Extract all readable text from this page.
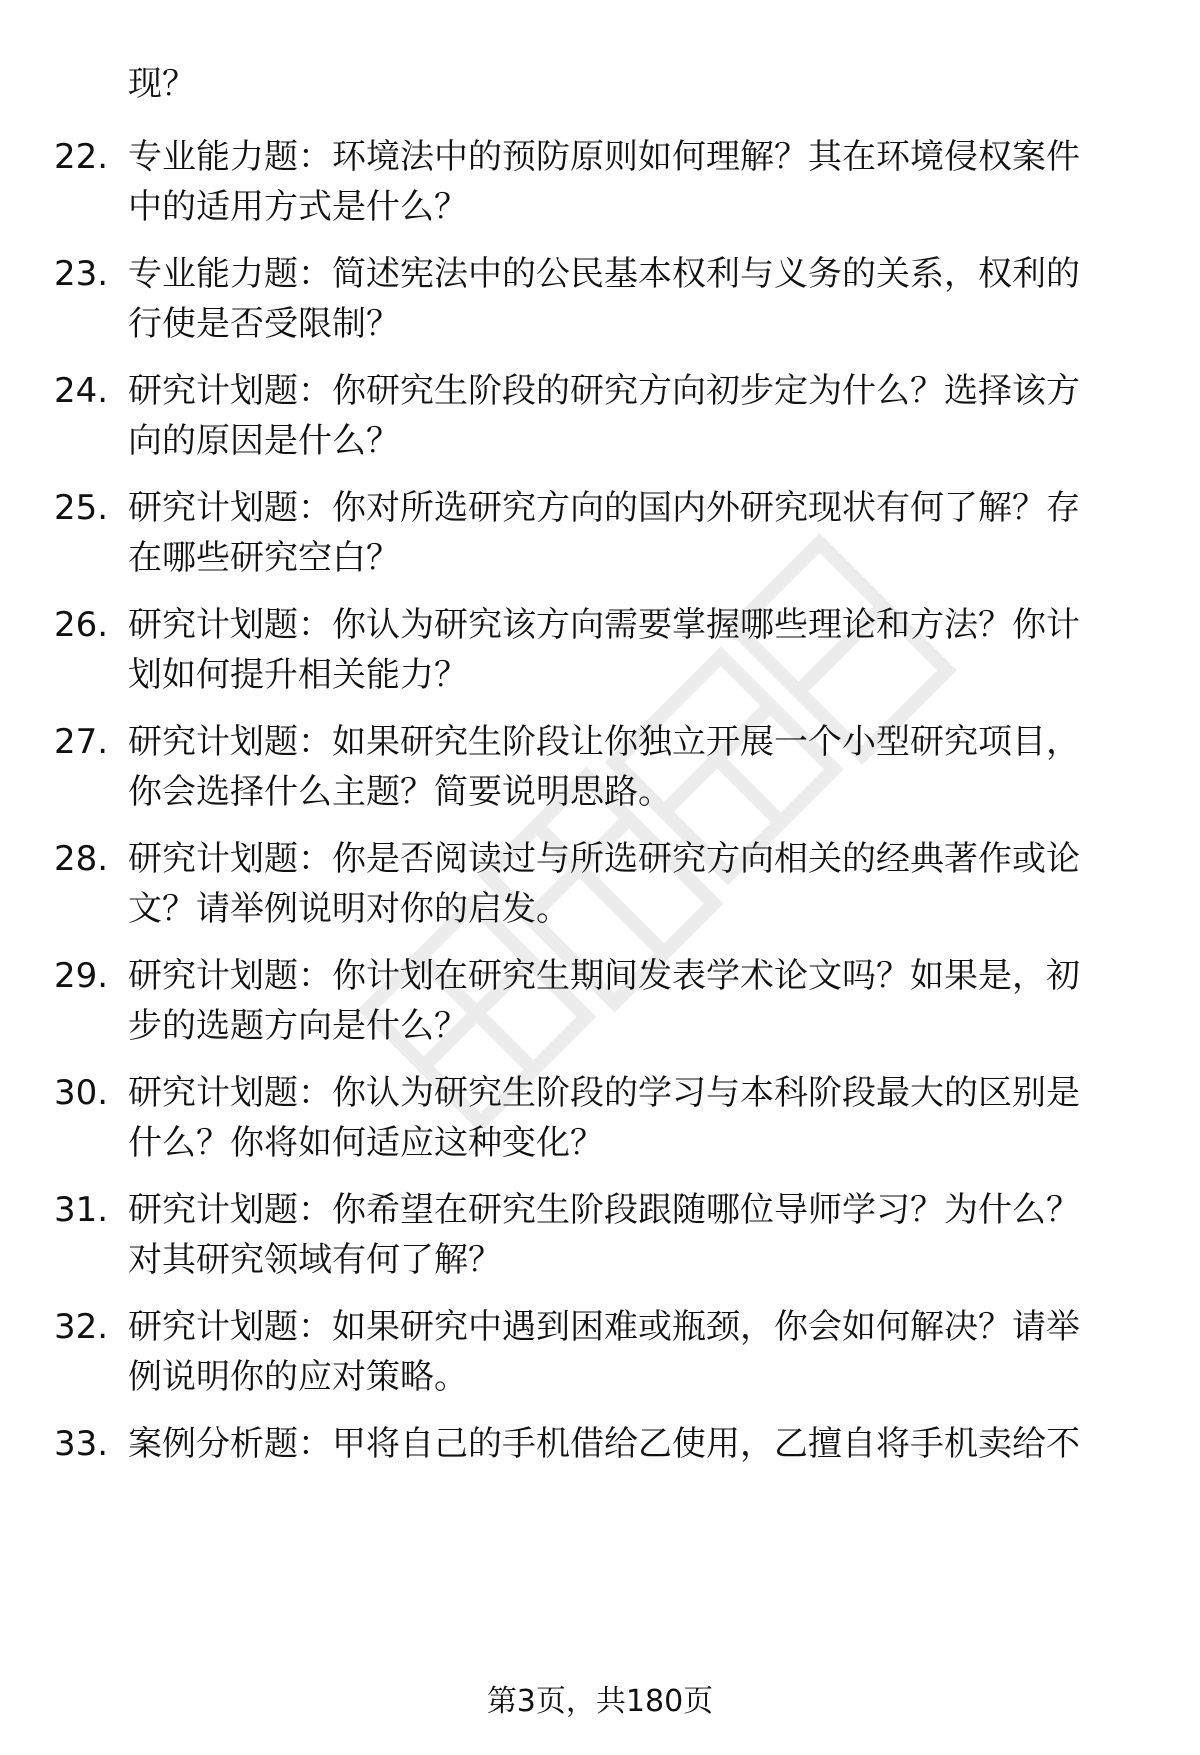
现？
22. 专业能力题：环境法中的预防原则如何理解？其在环境侵权案件
中的适用方式是什么？
23. 专业能力题：简述宪法中的公民基本权利与义务的关系，权利的
行使是否受限制？
24. 研究计划题：你研究生阶段的研究方向初步定为什么？选择该方
向的原因是什么？
25. 研究计划题：你对所选研究方向的国内外研究现状有何了解？存
在哪些研究空白？
26. 研究计划题：你认为研究该方向需要掌握哪些理论和方法？你计
划如何提升相关能力？
27. 研究计划题：如果研究生阶段让你独立开展一个小型研究项目，
你会选择什么主题？简要说明思路。
28. 研究计划题：你是否阅读过与所选研究方向相关的经典著作或论
文？请举例说明对你的启发。
29. 研究计划题：你计划在研究生期间发表学术论文吗？如果是，初
步的选题方向是什么？
30. 研究计划题：你认为研究生阶段的学习与本科阶段最大的区别是
什么？你将如何适应这种变化？
31. 研究计划题：你希望在研究生阶段跟随哪位导师学习？为什么？
对其研究领域有何了解？
32. 研究计划题：如果研究中遇到困难或瓶颈，你会如何解决？请举
例说明你的应对策略。
33. 案例分析题：甲将自己的手机借给乙使用，乙擅自将手机卖给不
第3页，共180页
